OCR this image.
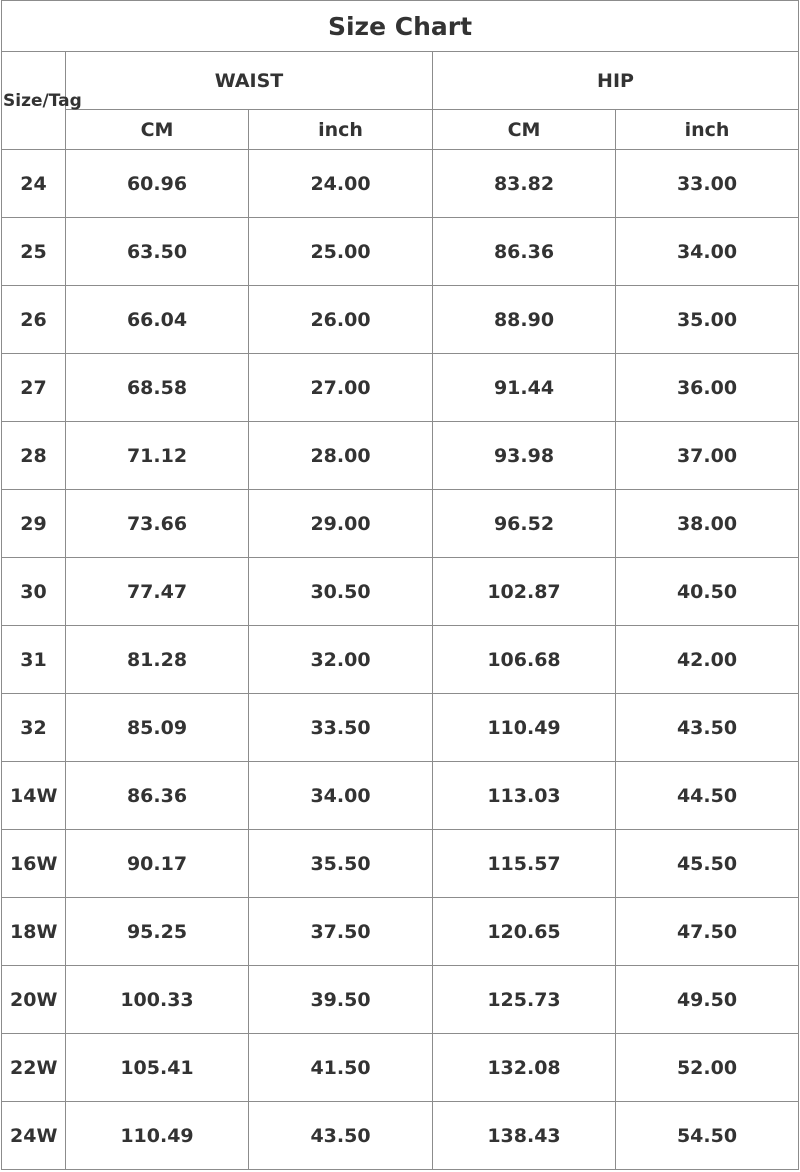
Size Chart				
Size/Tag	WAIST		HIP	
	CM	inch	CM	inch
24	60.96	24.00	83.82	33.00
25	63.50	25.00	86.36	34.00
26	66.04	26.00	88.90	35.00
27	68.58	27.00	91.44	36.00
28	71.12	28.00	93.98	37.00
29	73.66	29.00	96.52	38.00
30	77.47	30.50	102.87	40.50
31	81.28	32.00	106.68	42.00
32	85.09	33.50	110.49	43.50
14W	86.36	34.00	113.03	44.50
16W	90.17	35.50	115.57	45.50
18W	95.25	37.50	120.65	47.50
20W	100.33	39.50	125.73	49.50
22W	105.41	41.50	132.08	52.00
24W	110.49	43.50	138.43	54.50
